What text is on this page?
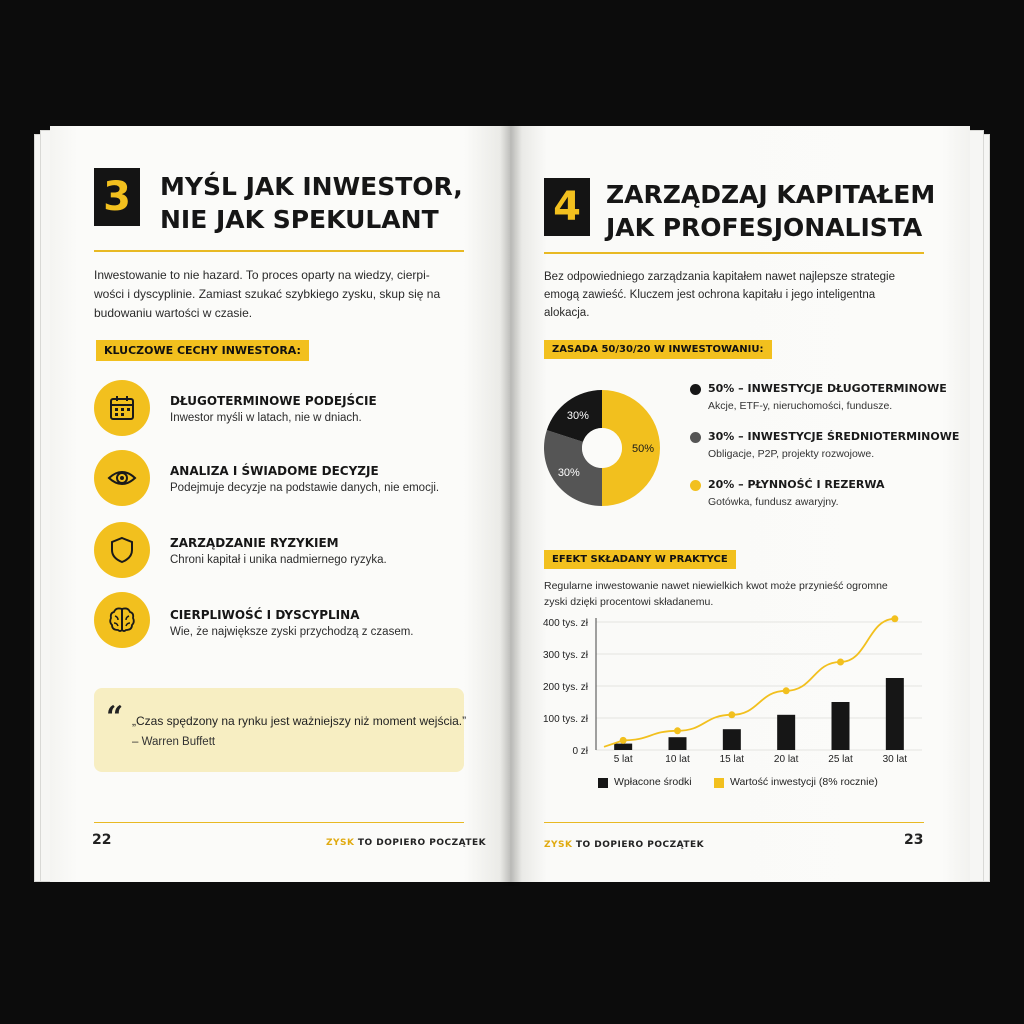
3 MYŚL JAK INWESTOR,
NIE JAK SPEKULANT
Inwestowanie to nie hazard. To proces oparty na wiedzy, cierpi-
wości i dyscyplinie. Zamiast szukać szybkiego zysku, skup się na
budowaniu wartości w czasie.
KLUCZOWE CECHY INWESTORA:
DŁUGOTERMINOWE PODEJŚCIE
Inwestor myśli w latach, nie w dniach.
ANALIZA I ŚWIADOME DECYZJE
Podejmuje decyzje na podstawie danych, nie emocji.
ZARZĄDZANIE RYZYKIEM
Chroni kapitał i unika nadmiernego ryzyka.
CIERPLIWOŚĆ I DYSCYPLINA
Wie, że największe zyski przychodzą z czasem.
“ „Czas spędzony na rynku jest ważniejszy niż moment wejścia.”
– Warren Buffett
22	ZYSK TO DOPIERO POCZĄTEK
4 ZARZĄDZAJ KAPITAŁEM
JAK PROFESJONALISTA
Bez odpowiedniego zarządzania kapitałem nawet najlepsze strategie
emogą zawieść. Kluczem jest ochrona kapitału i jego inteligentna
alokacja.
ZASADA 50/30/20 W INWESTOWANIU:
50%
30%
30%
50% – INWESTYCJE DŁUGOTERMINOWE
Akcje, ETF-y, nieruchomości, fundusze.
30% – INWESTYCJE ŚREDNIOTERMINOWE
Obligacje, P2P, projekty rozwojowe.
20% – PŁYNNOŚĆ I REZERWA
Gotówka, fundusz awaryjny.
EFEKT SKŁADANY W PRAKTYCE
Regularne inwestowanie nawet niewielkich kwot może przynieść ogromne
zyski dzięki procentowi składanemu.
0 zł
100 tys. zł
200 tys. zł
300 tys. zł
400 tys. zł
5 lat	10 lat	15 lat	20 lat	25 lat	30 lat
Wpłacone środki	Wartość inwestycji (8% rocznie)
ZYSK TO DOPIERO POCZĄTEK	23
